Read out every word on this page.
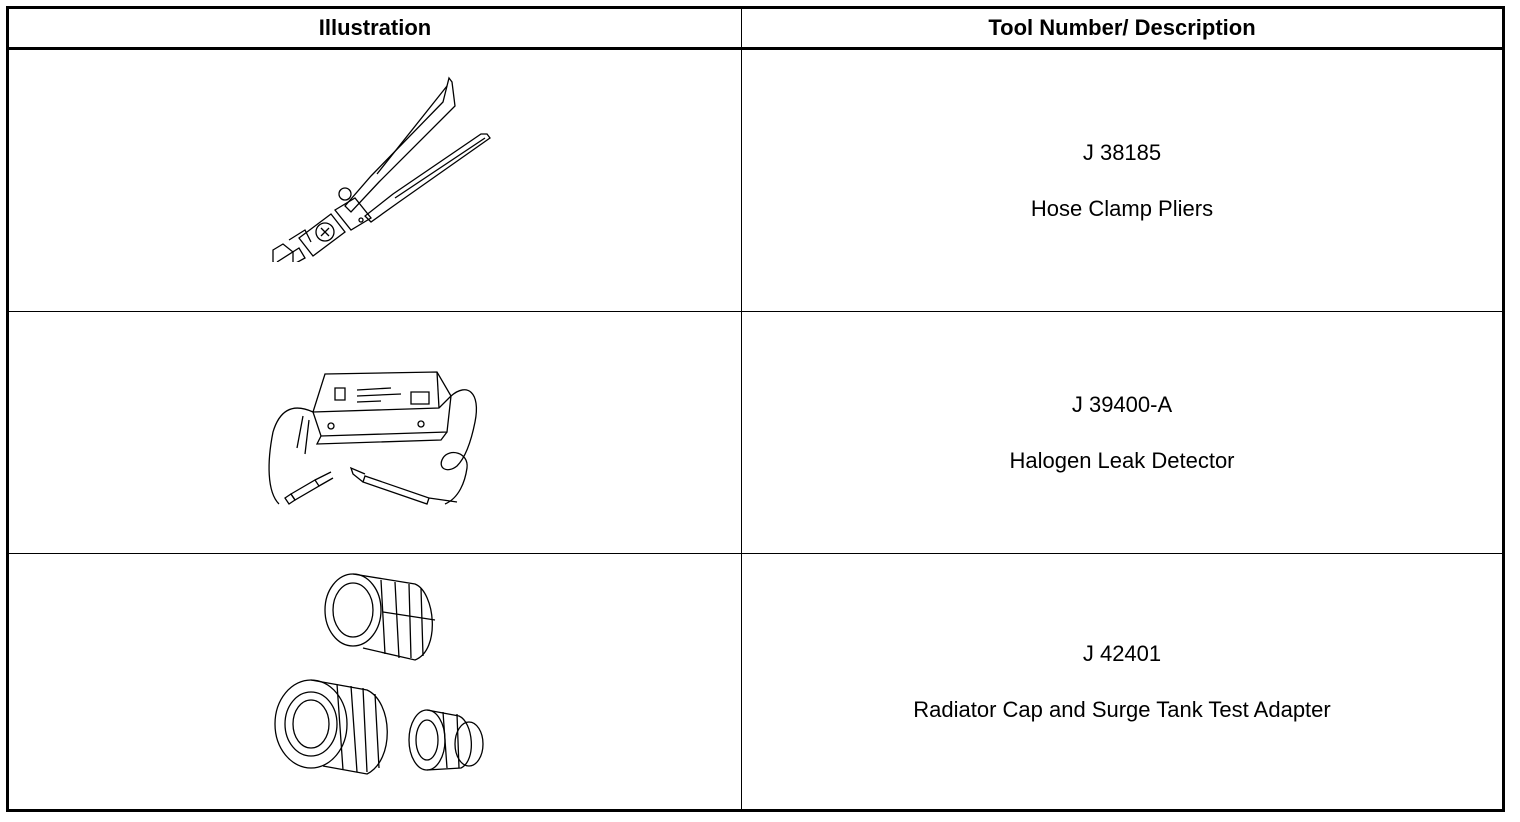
Illustration	Tool Number/ Description
J 38185
Hose Clamp Pliers
J 39400-A
Halogen Leak Detector
J 42401
Radiator Cap and Surge Tank Test Adapter
